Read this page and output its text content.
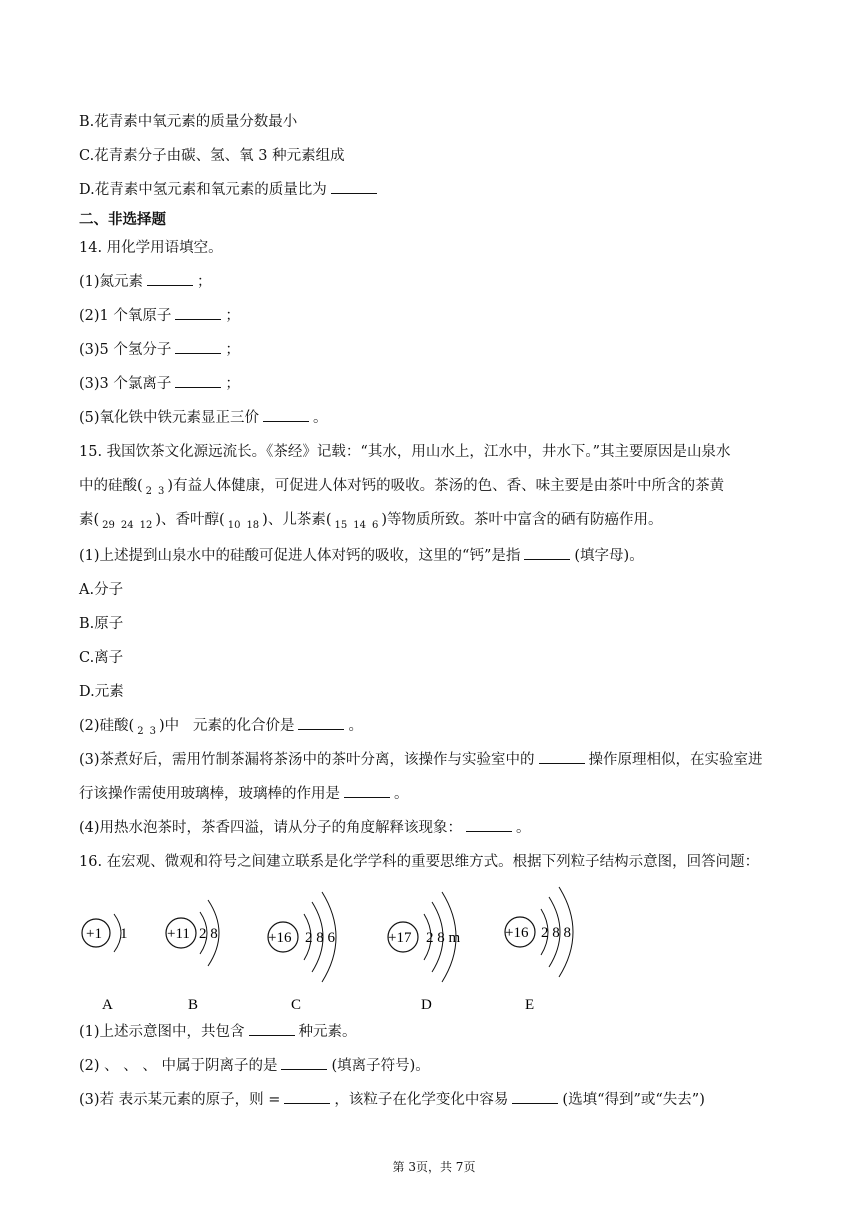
B.花青素中氧元素的质量分数最小
C.花青素分子由碳、氢、氧 3 种元素组成
D.花青素中氢元素和氧元素的质量比为
二、非选择题
14. 用化学用语填空。
(1)氮元素	；
(2)1 个氧原子	；
(3)5 个氢分子	；
(3)3 个氯离子	；
(5)氧化铁中铁元素显正三价	。
15. 我国饮茶文化源远流长。《茶经》记载：“其水，用山水上，江水中，井水下。”其主要原因是山泉水
中的硅酸( $_2$ $_3$ )有益人体健康，可促进人体对钙的吸收。茶汤的色、香、味主要是由茶叶中所含的茶黄
素( $_{29}$ $_{24}$ $_{12}$ )、香叶醇( $_{10}$ $_{18}$ )、儿茶素( $_{15}$ $_{14}$ $_6$ )等物质所致。茶叶中富含的硒有防癌作用。
(1)上述提到山泉水中的硅酸可促进人体对钙的吸收，这里的“钙”是指	(填字母)。
A.分子
B.原子
C.离子
D.元素
(2)硅酸( $_2$ $_3$ )中 元素的化合价是	。
(3)茶煮好后，需用竹制茶漏将茶汤中的茶叶分离，该操作与实验室中的	操作原理相似，在实验室进
行该操作需使用玻璃棒，玻璃棒的作用是	。
(4)用热水泡茶时，茶香四溢，请从分子的角度解释该现象：	。
16. 在宏观、微观和符号之间建立联系是化学学科的重要思维方式。根据下列粒子结构示意图，回答问题：
+1 1
A
+11 2 8
B
+16 2 8 6
C
+17 2 8 m
D
+16 2 8 8
E
(1)上述示意图中，共包含	种元素。
(2) 、 、 、 中属于阴离子的是	(填离子符号)。
(3)若 表示某元素的原子，则 =	，该粒子在化学变化中容易	(选填“得到”或“失去”)
第 3页，共 7页
